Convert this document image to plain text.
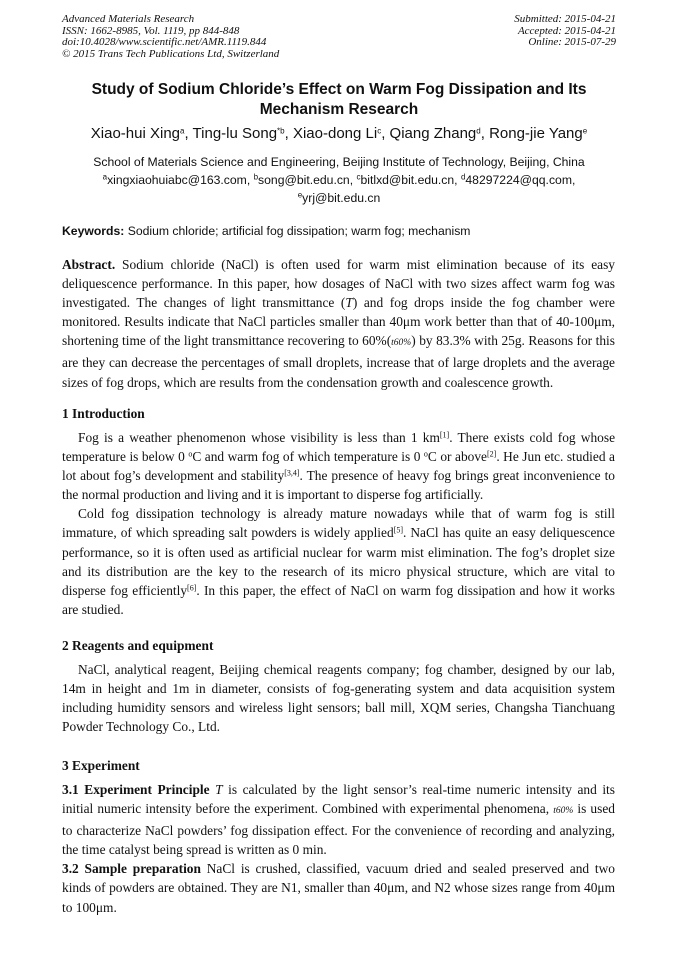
Advanced Materials Research
ISSN: 1662-8985, Vol. 1119, pp 844-848
doi:10.4028/www.scientific.net/AMR.1119.844
© 2015 Trans Tech Publications Ltd, Switzerland
Submitted: 2015-04-21
Accepted: 2015-04-21
Online: 2015-07-29
Study of Sodium Chloride’s Effect on Warm Fog Dissipation and Its
Mechanism Research
Xiao-hui Xing$^a$, Ting-lu Song$^{*b}$, Xiao-dong Li$^c$, Qiang Zhang$^d$, Rong-jie Yang$^e$
School of Materials Science and Engineering, Beijing Institute of Technology, Beijing, China
$^a$xingxiaohuiabc@163.com, $^b$song@bit.edu.cn, $^c$bitlxd@bit.edu.cn, $^d$48297224@qq.com,
$^e$yrj@bit.edu.cn
Keywords: Sodium chloride; artificial fog dissipation; warm fog; mechanism

Abstract. Sodium chloride (NaCl) is often used for warm mist elimination because of its easy deliquescence performance. In this paper, how dosages of NaCl with two sizes affect warm fog was investigated. The changes of light transmittance (T) and fog drops inside the fog chamber were monitored. Results indicate that NaCl particles smaller than 40μm work better than that of 40-100μm, shortening time of the light transmittance recovering to 60%(t60%) by 83.3% with 25g. Reasons for this are they can decrease the percentages of small droplets, increase that of large droplets and the average sizes of fog drops, which are results from the condensation growth and coalescence growth.

1 Introduction

Fog is a weather phenomenon whose visibility is less than 1 km[1]. There exists cold fog whose temperature is below 0 $^o$C and warm fog of which temperature is 0 $^o$C or above[2]. He Jun etc. studied a lot about fog’s development and stability[3,4]. The presence of heavy fog brings great inconvenience to the normal production and living and it is important to disperse fog artificially.

Cold fog dissipation technology is already mature nowadays while that of warm fog is still immature, of which spreading salt powders is widely applied[5]. NaCl has quite an easy deliquescence performance, so it is often used as artificial nuclear for warm mist elimination. The fog’s droplet size and its distribution are the key to the research of its micro physical structure, which are vital to disperse fog efficiently[6]. In this paper, the effect of NaCl on warm fog dissipation and how it works are studied.

2 Reagents and equipment

NaCl, analytical reagent, Beijing chemical reagents company; fog chamber, designed by our lab, 14m in height and 1m in diameter, consists of fog-generating system and data acquisition system including humidity sensors and wireless light sensors; ball mill, XQM series, Changsha Tianchuang Powder Technology Co., Ltd.

3 Experiment

3.1 Experiment Principle T is calculated by the light sensor’s real-time numeric intensity and its initial numeric intensity before the experiment. Combined with experimental phenomena, t60% is used to characterize NaCl powders’ fog dissipation effect. For the convenience of recording and analyzing, the time catalyst being spread is written as 0 min.

3.2 Sample preparation NaCl is crushed, classified, vacuum dried and sealed preserved and two kinds of powders are obtained. They are N1, smaller than 40μm, and N2 whose sizes range from 40μm to 100μm.
